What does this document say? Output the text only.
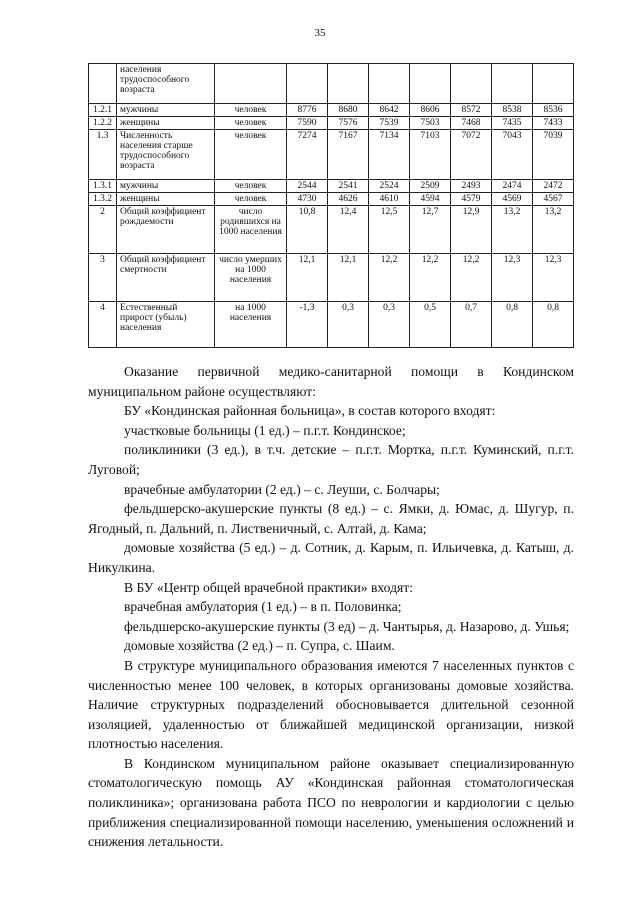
35
	населения трудоспособного возраста								
1.2.1	мужчины	человек	8776	8680	8642	8606	8572	8538	8536
1.2.2	женщины	человек	7590	7576	7539	7503	7468	7435	7433
1.3	Численность населения старше трудоспособного возраста	человек	7274	7167	7134	7103	7072	7043	7039
1.3.1	мужчины	человек	2544	2541	2524	2509	2493	2474	2472
1.3.2	женщины	человек	4730	4626	4610	4594	4579	4569	4567
2	Общий коэффициент рождаемости	число родившихся на 1000 населения	10,8	12,4	12,5	12,7	12,9	13,2	13,2
3	Общий коэффициент смертности	число умерших на 1000 населения	12,1	12,1	12,2	12,2	12,2	12,3	12,3
4	Естественный прирост (убыль) населения	на 1000 населения	-1,3	0,3	0,3	0,5	0,7	0,8	0,8

Оказание первичной медико-санитарной помощи в Кондинском муниципальном районе осуществляют:

БУ «Кондинская районная больница», в состав которого входят:

участковые больницы (1 ед.) – п.г.т. Кондинское;

поликлиники (3 ед.), в т.ч. детские – п.г.т. Мортка, п.г.т. Куминский, п.г.т. Луговой;

врачебные амбулатории (2 ед.) – с. Леуши, с. Болчары;

фельдшерско-акушерские пункты (8 ед.) – с. Ямки, д. Юмас, д. Шугур, п. Ягодный, п. Дальний, п. Лиственичный, с. Алтай, д. Кама;

домовые хозяйства (5 ед.) – д. Сотник, д. Карым, п. Ильичевка, д. Катыш, д. Никулкина.

В БУ «Центр общей врачебной практики» входят:

врачебная амбулатория (1 ед.) – в п. Половинка;

фельдшерско-акушерские пункты (3 ед) – д. Чантырья, д. Назарово, д. Ушья;

домовые хозяйства (2 ед.) – п. Супра, с. Шаим.

В структуре муниципального образования имеются 7 населенных пунктов с численностью менее 100 человек, в которых организованы домовые хозяйства. Наличие структурных подразделений обосновывается длительной сезонной изоляцией, удаленностью от ближайшей медицинской организации, низкой плотностью населения.

В Кондинском муниципальном районе оказывает специализированную стоматологическую помощь АУ «Кондинская районная стоматологическая поликлиника»; организована работа ПСО по неврологии и кардиологии с целью приближения специализированной помощи населению, уменьшения осложнений и снижения летальности.
